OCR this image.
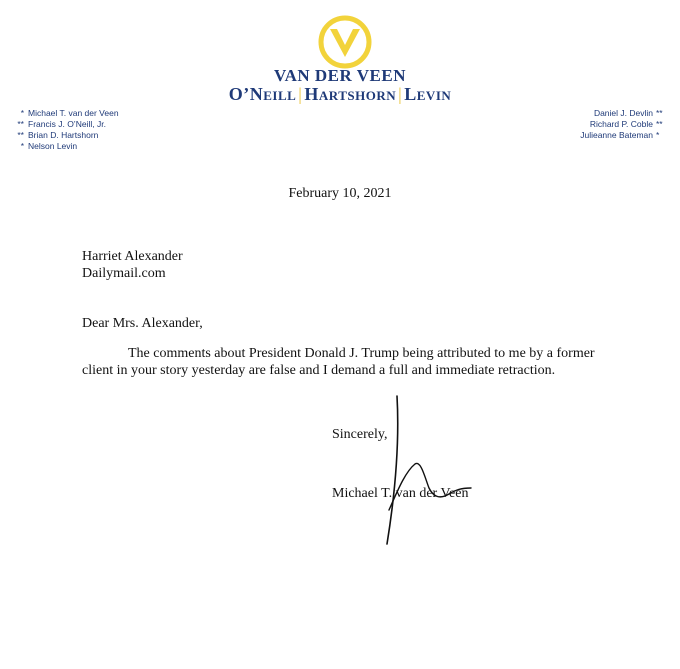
VAN DER VEEN
O’Neill | Hartshorn | Levin
* Michael T. van der Veen
** Francis J. O’Neill, Jr.
** Brian D. Hartshorn
* Nelson Levin
Daniel J. Devlin **
Richard P. Coble **
Julieanne Bateman *
February 10, 2021
Harriet Alexander
Dailymail.com
Dear Mrs. Alexander,
The comments about President Donald J. Trump being attributed to me by a former client in your story yesterday are false and I demand a full and immediate retraction.
Sincerely,
Michael T. van der Veen
